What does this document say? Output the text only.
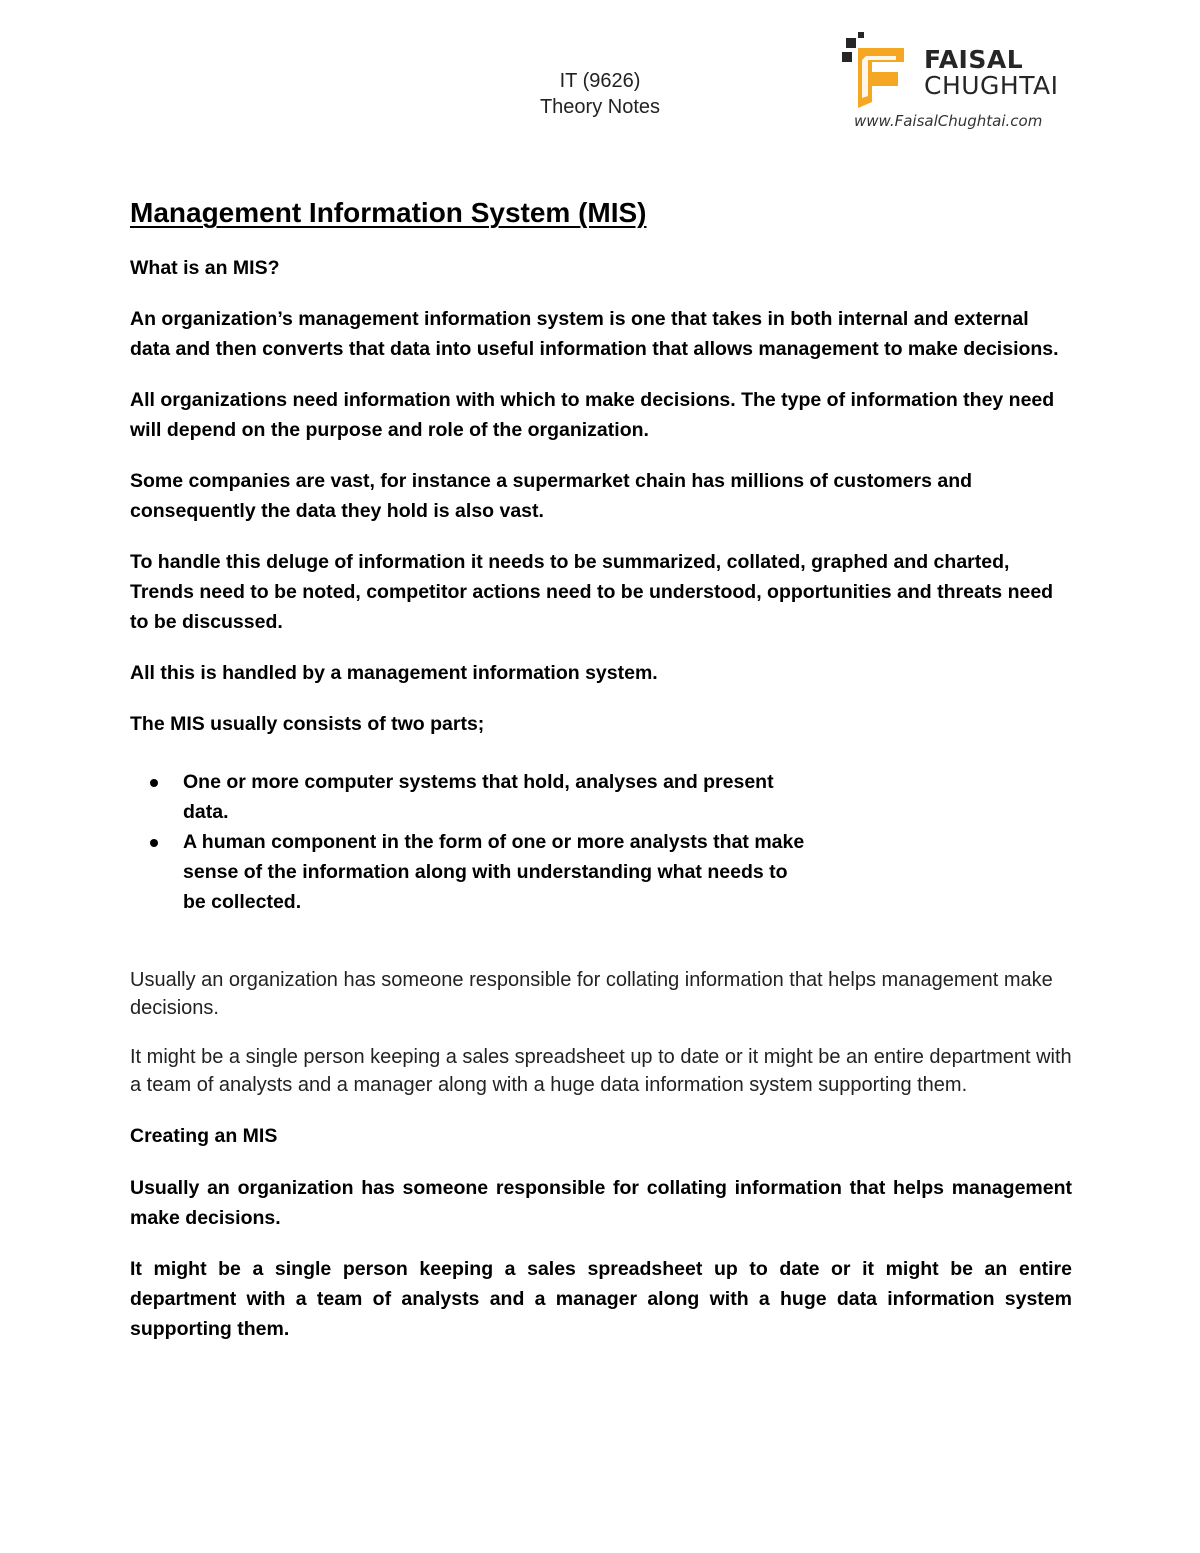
IT (9626)
Theory Notes
FAISAL
CHUGHTAI
www.FaisalChughtai.com
Management Information System (MIS)

What is an MIS?

An organization’s management information system is one that takes in both internal and external data and then converts that data into useful information that allows management to make decisions.

All organizations need information with which to make decisions. The type of information they need will depend on the purpose and role of the organization.

Some companies are vast, for instance a supermarket chain has millions of customers and consequently the data they hold is also vast.

To handle this deluge of information it needs to be summarized, collated, graphed and charted, Trends need to be noted, competitor actions need to be understood, opportunities and threats need to be discussed.

All this is handled by a management information system.

The MIS usually consists of two parts;

One or more computer systems that hold, analyses and present data.
A human component in the form of one or more analysts that make sense of the information along with understanding what needs to be collected.

Usually an organization has someone responsible for collating information that helps management make decisions.

It might be a single person keeping a sales spreadsheet up to date or it might be an entire department with a team of analysts and a manager along with a huge data information system supporting them.

Creating an MIS

Usually an organization has someone responsible for collating information that helps management make decisions.

It might be a single person keeping a sales spreadsheet up to date or it might be an entire department with a team of analysts and a manager along with a huge data information system supporting them.
